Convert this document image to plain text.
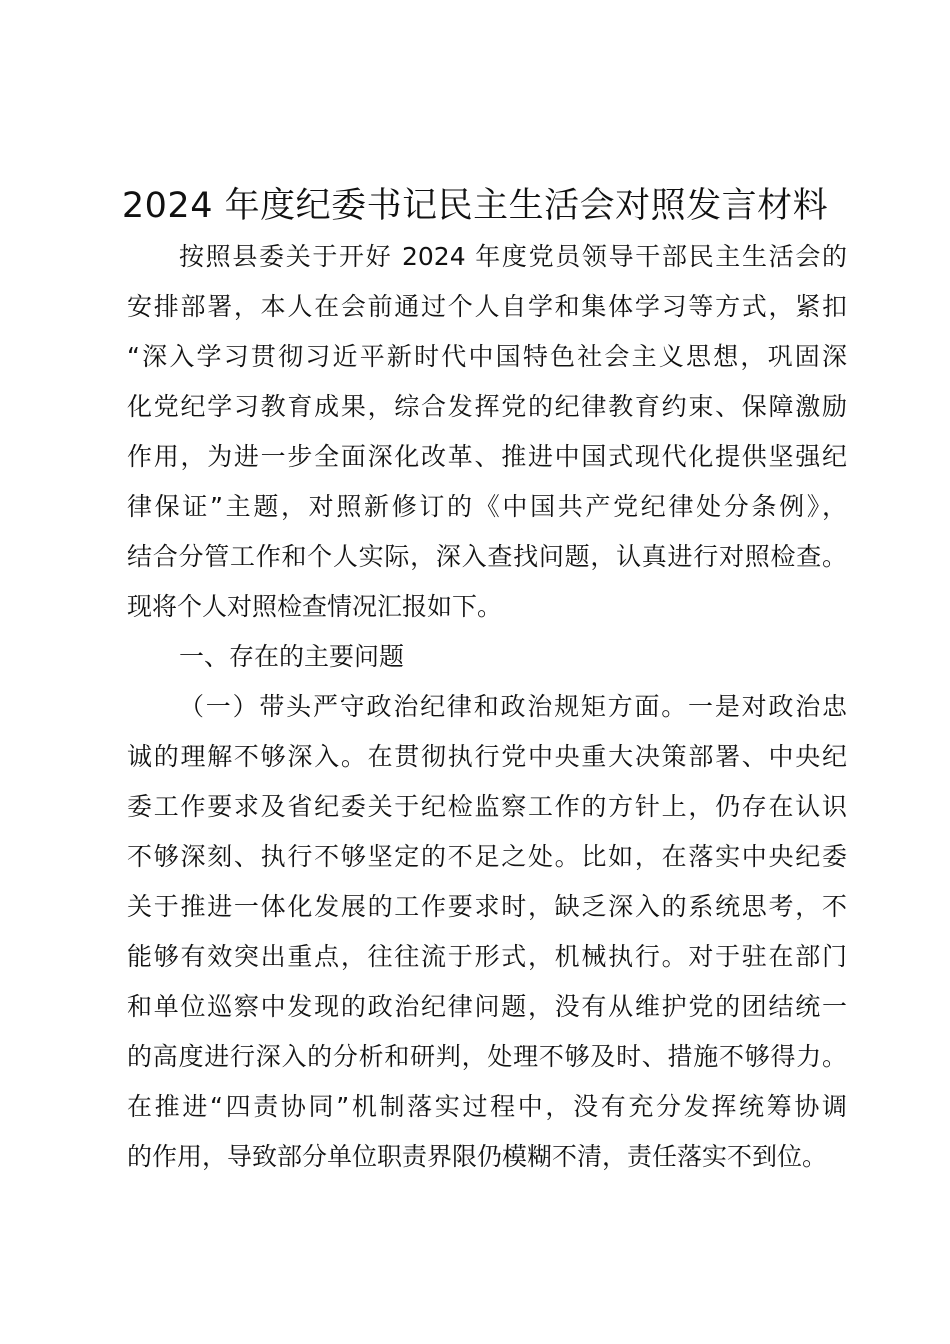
2024 年度纪委书记民主生活会对照发言材料
按照县委关于开好 2024 年度党员领导干部民主生活会的
安排部署，本人在会前通过个人自学和集体学习等方式，紧扣
“深入学习贯彻习近平新时代中国特色社会主义思想，巩固深
化党纪学习教育成果，综合发挥党的纪律教育约束、保障激励
作用，为进一步全面深化改革、推进中国式现代化提供坚强纪
律保证”主题，对照新修订的《中国共产党纪律处分条例》，
结合分管工作和个人实际，深入查找问题，认真进行对照检查。
现将个人对照检查情况汇报如下。
一、存在的主要问题
（一）带头严守政治纪律和政治规矩方面。一是对政治忠
诚的理解不够深入。在贯彻执行党中央重大决策部署、中央纪
委工作要求及省纪委关于纪检监察工作的方针上，仍存在认识
不够深刻、执行不够坚定的不足之处。比如，在落实中央纪委
关于推进一体化发展的工作要求时，缺乏深入的系统思考，不
能够有效突出重点，往往流于形式，机械执行。对于驻在部门
和单位巡察中发现的政治纪律问题，没有从维护党的团结统一
的高度进行深入的分析和研判，处理不够及时、措施不够得力。
在推进“四责协同”机制落实过程中，没有充分发挥统筹协调
的作用，导致部分单位职责界限仍模糊不清，责任落实不到位。
